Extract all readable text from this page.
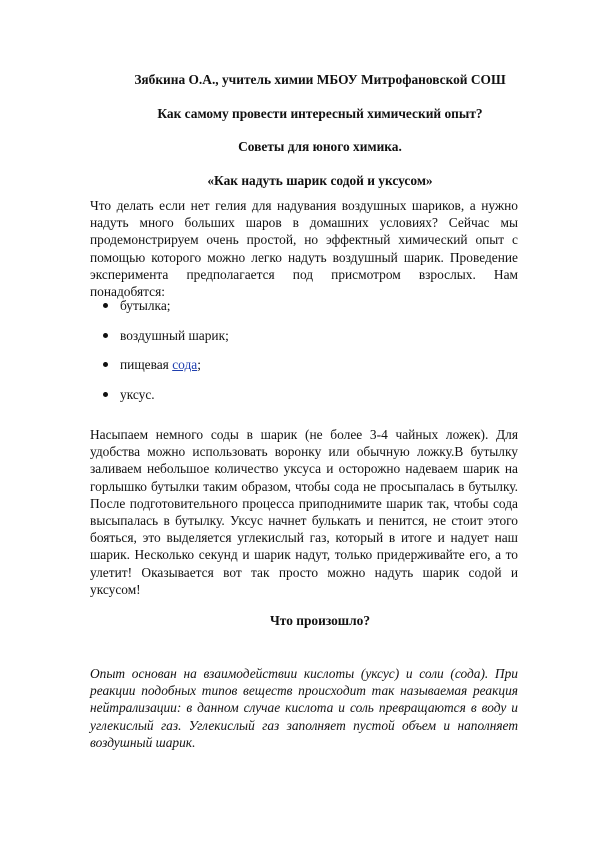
Зябкина О.А., учитель химии МБОУ Митрофановской СОШ
Как самому провести интересный химический опыт?
Советы для юного химика.
«Как надуть шарик содой и уксусом»

Что делать если нет гелия для надувания воздушных шариков, а нужно надуть много больших шаров в домашних условиях? Сейчас мы продемонстрируем очень простой, но эффектный химический опыт с помощью которого можно легко надуть воздушный шарик. Проведение эксперимента предполагается под присмотром взрослых. Нам понадобятся:

бутылка;
воздушный шарик;
пищевая сода;
уксус.

Насыпаем немного соды в шарик (не более 3-4 чайных ложек). Для удобства можно использовать воронку или обычную ложку.В бутылку заливаем небольшое количество уксуса и осторожно надеваем шарик на горлышко бутылки таким образом, чтобы сода не просыпалась в бутылку. После подготовительного процесса приподнимите шарик так, чтобы сода высыпалась в бутылку. Уксус начнет булькать и пенится, не стоит этого бояться, это выделяется углекислый газ, который в итоге и надует наш шарик. Несколько секунд и шарик надут, только придерживайте его, а то улетит! Оказывается вот так просто можно надуть шарик содой и уксусом!

Что произошло?

Опыт основан на взаимодействии кислоты (уксус) и соли (сода). При реакции подобных типов веществ происходит так называемая реакция нейтрализации: в данном случае кислота и соль превращаются в воду и углекислый газ. Углекислый газ заполняет пустой объем и наполняет воздушный шарик.
